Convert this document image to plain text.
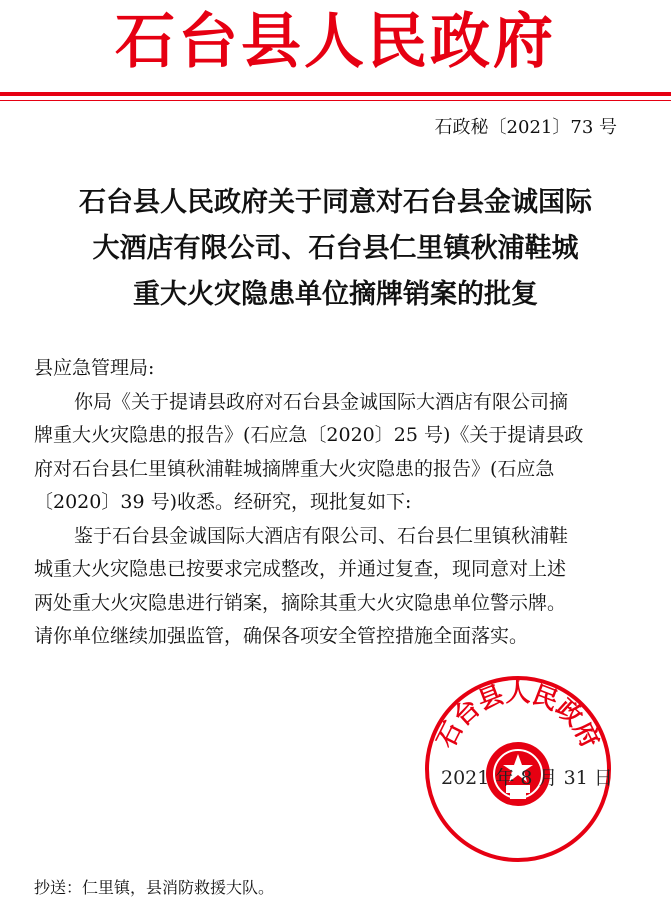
石台县人民政府
石政秘〔2021〕73 号
石台县人民政府关于同意对石台县金诚国际
大酒店有限公司、石台县仁里镇秋浦鞋城
重大火灾隐患单位摘牌销案的批复
县应急管理局:
你局《关于提请县政府对石台县金诚国际大酒店有限公司摘
牌重大火灾隐患的报告》(石应急〔2020〕25 号)《关于提请县政
府对石台县仁里镇秋浦鞋城摘牌重大火灾隐患的报告》(石应急
〔2020〕39 号)收悉。经研究，现批复如下:
鉴于石台县金诚国际大酒店有限公司、石台县仁里镇秋浦鞋
城重大火灾隐患已按要求完成整改，并通过复查，现同意对上述
两处重大火灾隐患进行销案，摘除其重大火灾隐患单位警示牌。
请你单位继续加强监管，确保各项安全管控措施全面落实。
石台县人民政府
2021 年 8 月 31 日
抄送：仁里镇，县消防救援大队。
